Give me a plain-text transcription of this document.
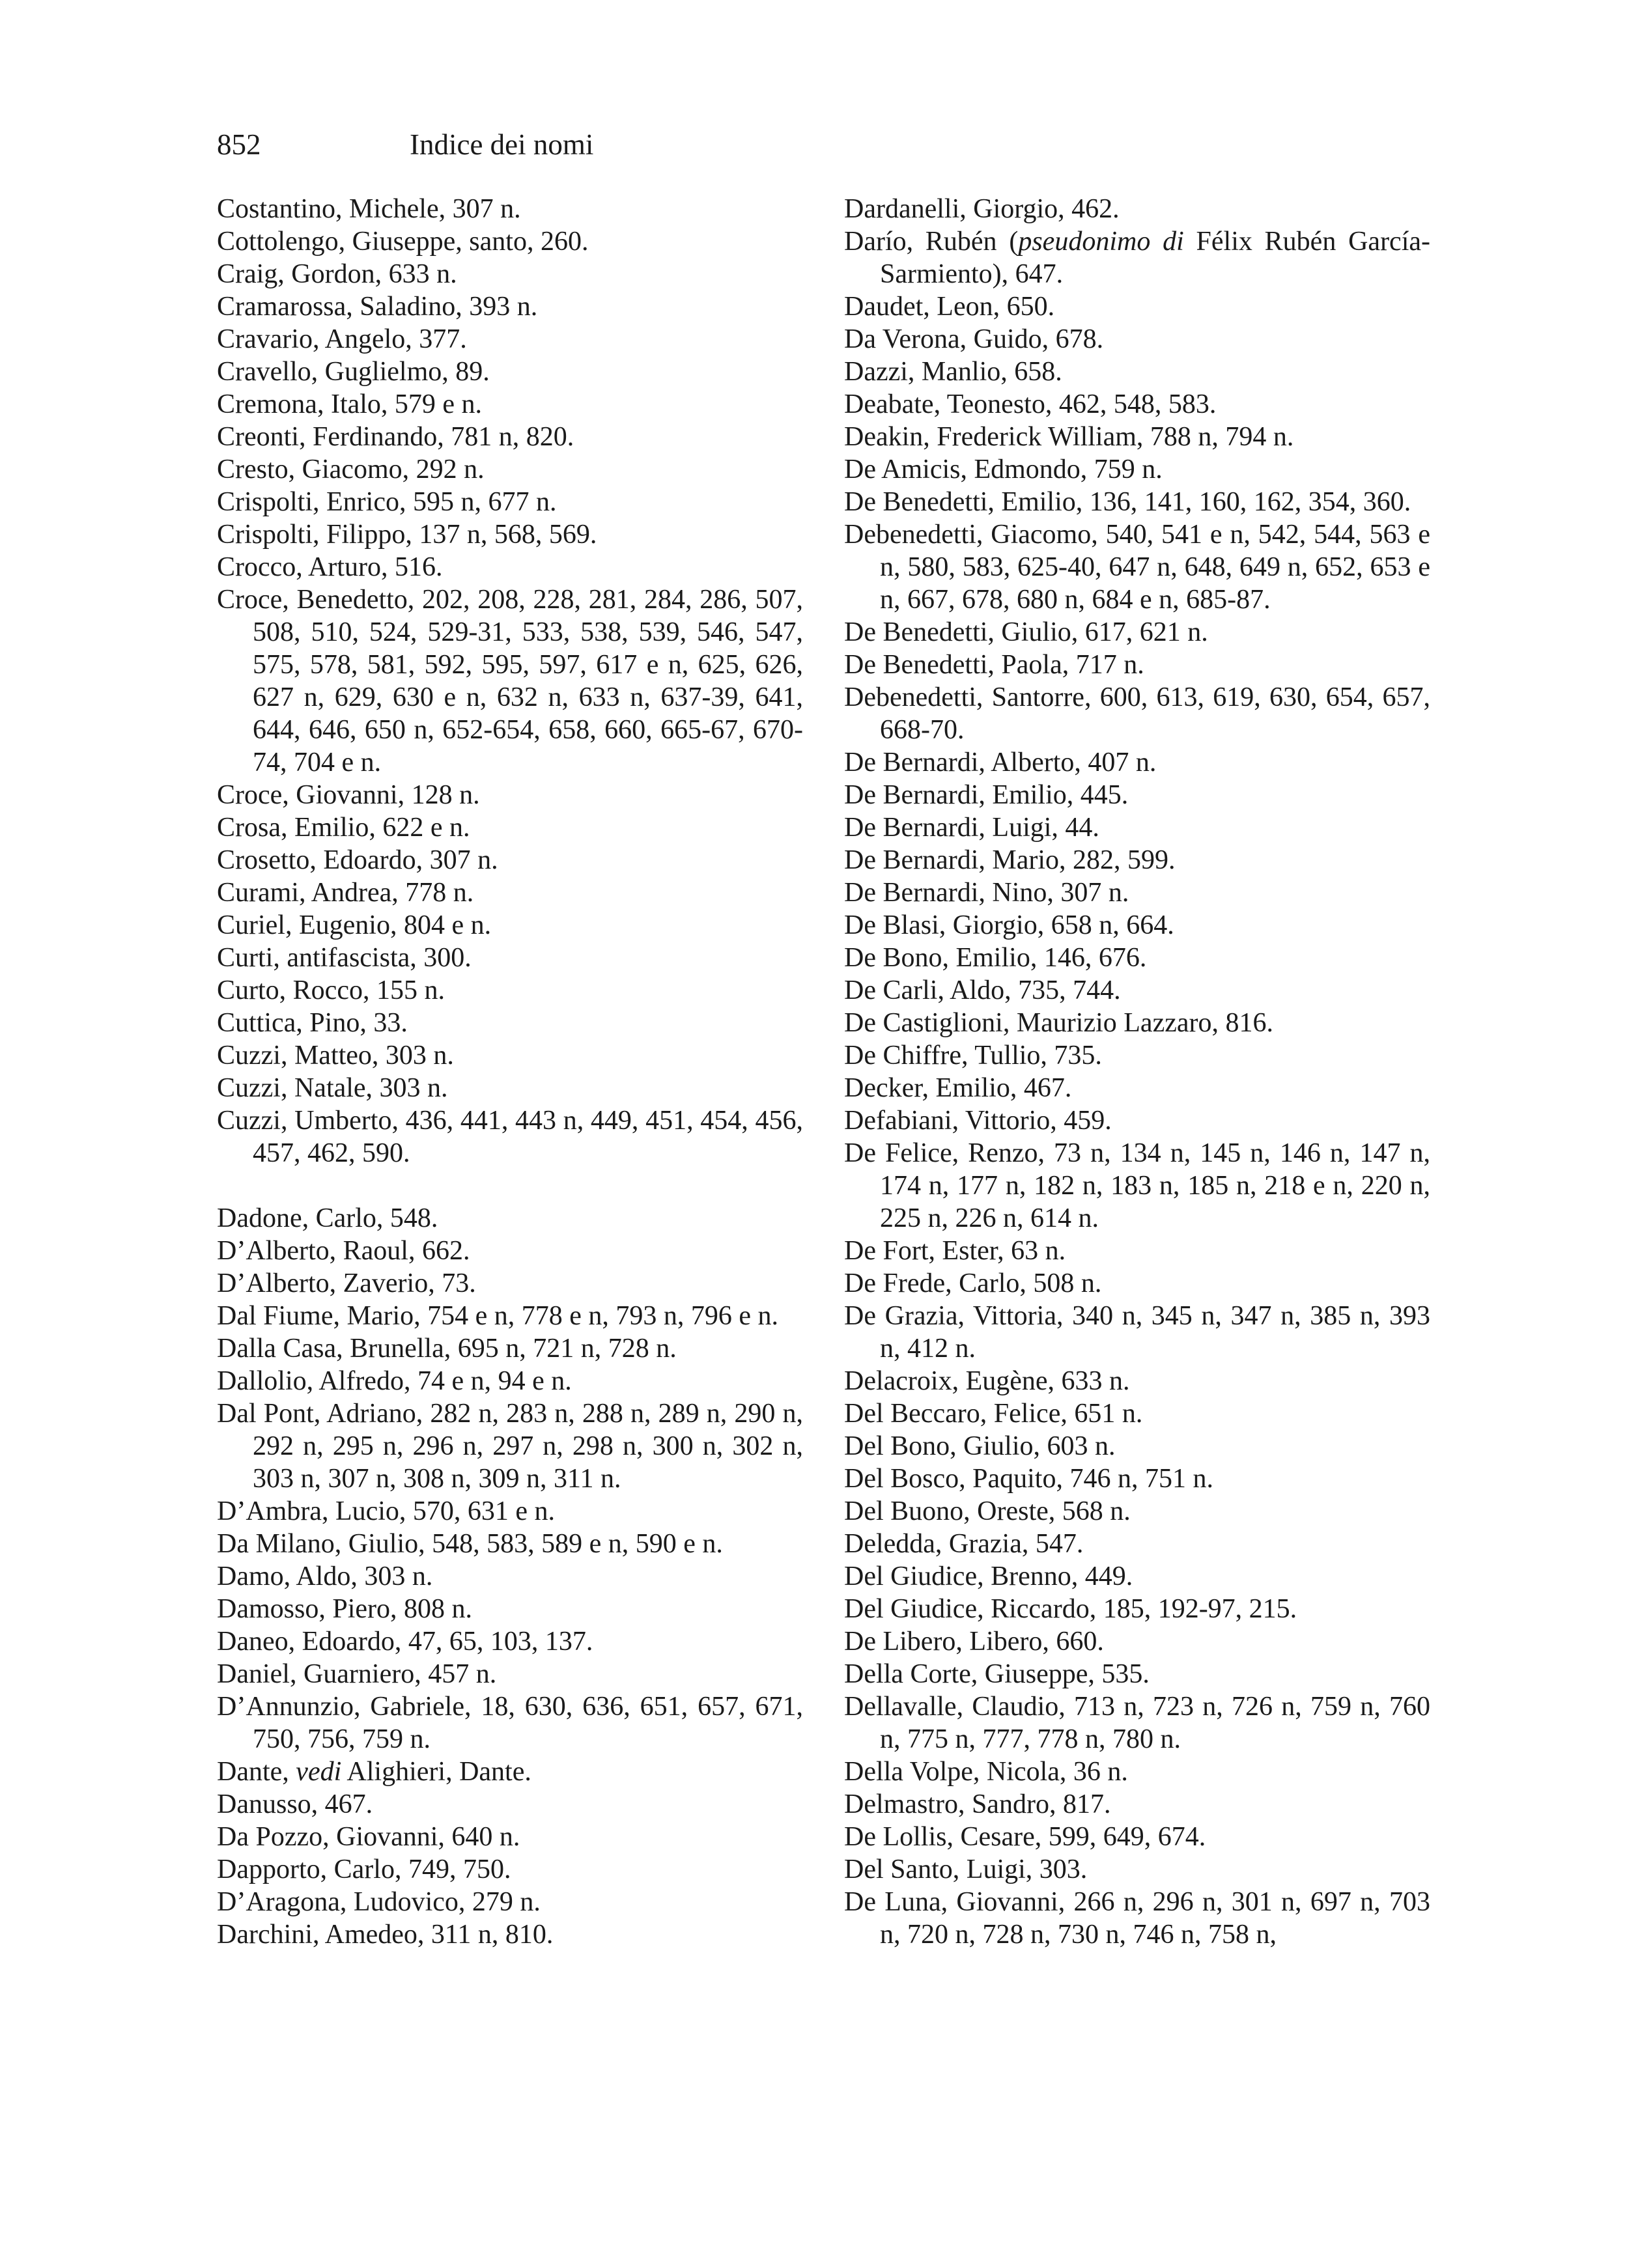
852	Indice dei nomi
Costantino, Michele, 307 n.
Cottolengo, Giuseppe, santo, 260.
Craig, Gordon, 633 n.
Cramarossa, Saladino, 393 n.
Cravario, Angelo, 377.
Cravello, Guglielmo, 89.
Cremona, Italo, 579 e n.
Creonti, Ferdinando, 781 n, 820.
Cresto, Giacomo, 292 n.
Crispolti, Enrico, 595 n, 677 n.
Crispolti, Filippo, 137 n, 568, 569.
Crocco, Arturo, 516.
Croce, Benedetto, 202, 208, 228, 281, 284, 286, 507, 508, 510, 524, 529-31, 533, 538, 539, 546, 547, 575, 578, 581, 592, 595, 597, 617 e n, 625, 626, 627 n, 629, 630 e n, 632 n, 633 n, 637-39, 641, 644, 646, 650 n, 652-654, 658, 660, 665-67, 670-74, 704 e n.
Croce, Giovanni, 128 n.
Crosa, Emilio, 622 e n.
Crosetto, Edoardo, 307 n.
Curami, Andrea, 778 n.
Curiel, Eugenio, 804 e n.
Curti, antifascista, 300.
Curto, Rocco, 155 n.
Cuttica, Pino, 33.
Cuzzi, Matteo, 303 n.
Cuzzi, Natale, 303 n.
Cuzzi, Umberto, 436, 441, 443 n, 449, 451, 454, 456, 457, 462, 590.
Dadone, Carlo, 548.
D’Alberto, Raoul, 662.
D’Alberto, Zaverio, 73.
Dal Fiume, Mario, 754 e n, 778 e n, 793 n, 796 e n.
Dalla Casa, Brunella, 695 n, 721 n, 728 n.
Dallolio, Alfredo, 74 e n, 94 e n.
Dal Pont, Adriano, 282 n, 283 n, 288 n, 289 n, 290 n, 292 n, 295 n, 296 n, 297 n, 298 n, 300 n, 302 n, 303 n, 307 n, 308 n, 309 n, 311 n.
D’Ambra, Lucio, 570, 631 e n.
Da Milano, Giulio, 548, 583, 589 e n, 590 e n.
Damo, Aldo, 303 n.
Damosso, Piero, 808 n.
Daneo, Edoardo, 47, 65, 103, 137.
Daniel, Guarniero, 457 n.
D’Annunzio, Gabriele, 18, 630, 636, 651, 657, 671, 750, 756, 759 n.
Dante, vedi Alighieri, Dante.
Danusso, 467.
Da Pozzo, Giovanni, 640 n.
Dapporto, Carlo, 749, 750.
D’Aragona, Ludovico, 279 n.
Darchini, Amedeo, 311 n, 810.
Dardanelli, Giorgio, 462.
Darío, Rubén (pseudonimo di Félix Rubén García-Sarmiento), 647.
Daudet, Leon, 650.
Da Verona, Guido, 678.
Dazzi, Manlio, 658.
Deabate, Teonesto, 462, 548, 583.
Deakin, Frederick William, 788 n, 794 n.
De Amicis, Edmondo, 759 n.
De Benedetti, Emilio, 136, 141, 160, 162, 354, 360.
Debenedetti, Giacomo, 540, 541 e n, 542, 544, 563 e n, 580, 583, 625-40, 647 n, 648, 649 n, 652, 653 e n, 667, 678, 680 n, 684 e n, 685-87.
De Benedetti, Giulio, 617, 621 n.
De Benedetti, Paola, 717 n.
Debenedetti, Santorre, 600, 613, 619, 630, 654, 657, 668-70.
De Bernardi, Alberto, 407 n.
De Bernardi, Emilio, 445.
De Bernardi, Luigi, 44.
De Bernardi, Mario, 282, 599.
De Bernardi, Nino, 307 n.
De Blasi, Giorgio, 658 n, 664.
De Bono, Emilio, 146, 676.
De Carli, Aldo, 735, 744.
De Castiglioni, Maurizio Lazzaro, 816.
De Chiffre, Tullio, 735.
Decker, Emilio, 467.
Defabiani, Vittorio, 459.
De Felice, Renzo, 73 n, 134 n, 145 n, 146 n, 147 n, 174 n, 177 n, 182 n, 183 n, 185 n, 218 e n, 220 n, 225 n, 226 n, 614 n.
De Fort, Ester, 63 n.
De Frede, Carlo, 508 n.
De Grazia, Vittoria, 340 n, 345 n, 347 n, 385 n, 393 n, 412 n.
Delacroix, Eugène, 633 n.
Del Beccaro, Felice, 651 n.
Del Bono, Giulio, 603 n.
Del Bosco, Paquito, 746 n, 751 n.
Del Buono, Oreste, 568 n.
Deledda, Grazia, 547.
Del Giudice, Brenno, 449.
Del Giudice, Riccardo, 185, 192-97, 215.
De Libero, Libero, 660.
Della Corte, Giuseppe, 535.
Dellavalle, Claudio, 713 n, 723 n, 726 n, 759 n, 760 n, 775 n, 777, 778 n, 780 n.
Della Volpe, Nicola, 36 n.
Delmastro, Sandro, 817.
De Lollis, Cesare, 599, 649, 674.
Del Santo, Luigi, 303.
De Luna, Giovanni, 266 n, 296 n, 301 n, 697 n, 703 n, 720 n, 728 n, 730 n, 746 n, 758 n,
